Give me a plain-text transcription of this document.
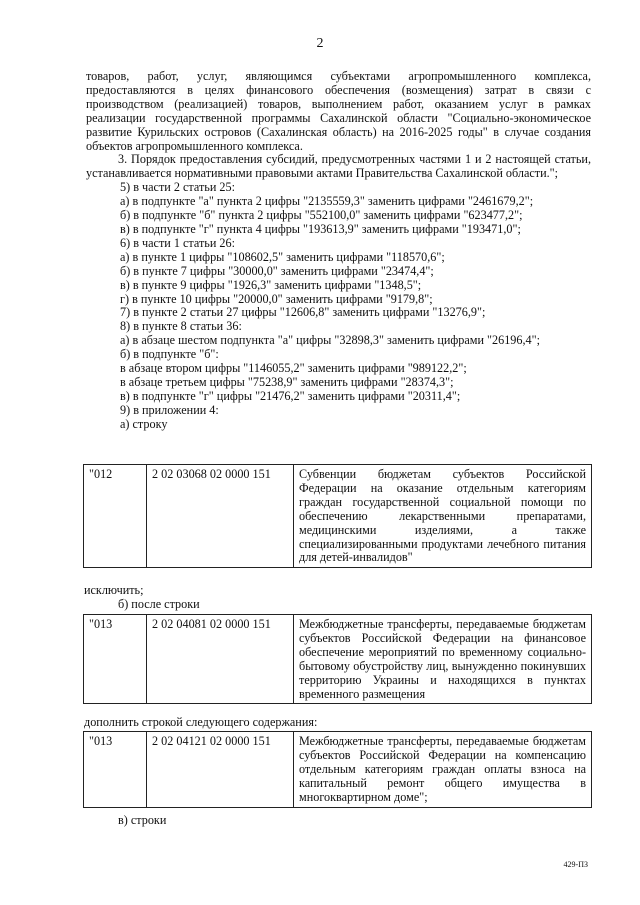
2

товаров, работ, услуг, являющимся субъектами агропромышленного комплекса, предоставляются в целях финансового обеспечения (возмещения) затрат в связи с производством (реализацией) товаров, выполнением работ, оказанием услуг в рамках реализации государственной программы Сахалинской области "Социально-экономическое развитие Курильских островов (Сахалинская область) на 2016-2025 годы" в случае создания объектов агропромышленного комплекса.

3. Порядок предоставления субсидий, предусмотренных частями 1 и 2 настоящей статьи, устанавливается нормативными правовыми актами Правительства Сахалинской области.";

5) в части 2 статьи 25:

а) в подпункте "а" пункта 2 цифры "2135559,3" заменить цифрами "2461679,2";

б) в подпункте "б" пункта 2 цифры "552100,0" заменить цифрами "623477,2";

в) в подпункте "г" пункта 4 цифры "193613,9" заменить цифрами "193471,0";

6) в части 1 статьи 26:

а) в пункте 1 цифры "108602,5" заменить цифрами "118570,6";

б) в пункте 7 цифры "30000,0" заменить цифрами "23474,4";

в) в пункте 9 цифры "1926,3" заменить цифрами "1348,5";

г) в пункте 10 цифры "20000,0" заменить цифрами "9179,8";

7) в пункте 2 статьи 27 цифры "12606,8" заменить цифрами "13276,9";

8) в пункте 8 статьи 36:

а) в абзаце шестом подпункта "а" цифры "32898,3" заменить цифрами "26196,4";

б) в подпункте "б":

в абзаце втором цифры "1146055,2" заменить цифрами "989122,2";

в абзаце третьем цифры "75238,9" заменить цифрами "28374,3";

в) в подпункте "г" цифры "21476,2" заменить цифрами "20311,4";

9) в приложении 4:

а) строку

"012	2 02 03068 02 0000 151	Субвенции бюджетам субъектов Российской Федерации на оказание отдельным категориям граждан государственной социальной помощи по обеспечению лекарственными препаратами, медицинскими изделиями, а также специализированными продуктами лечебного питания для детей-инвалидов"
исключить;
б) после строки
"013	2 02 04081 02 0000 151	Межбюджетные трансферты, передаваемые бюджетам субъектов Российской Федерации на финансовое обеспечение мероприятий по временному социально-бытовому обустройству лиц, вынужденно покинувших территорию Украины и находящихся в пунктах временного размещения
дополнить строкой следующего содержания:
"013	2 02 04121 02 0000 151	Межбюджетные трансферты, передаваемые бюджетам субъектов Российской Федерации на компенсацию отдельным категориям граждан оплаты взноса на капитальный ремонт общего имущества в многоквартирном доме";
в) строки
429-ПЗ
